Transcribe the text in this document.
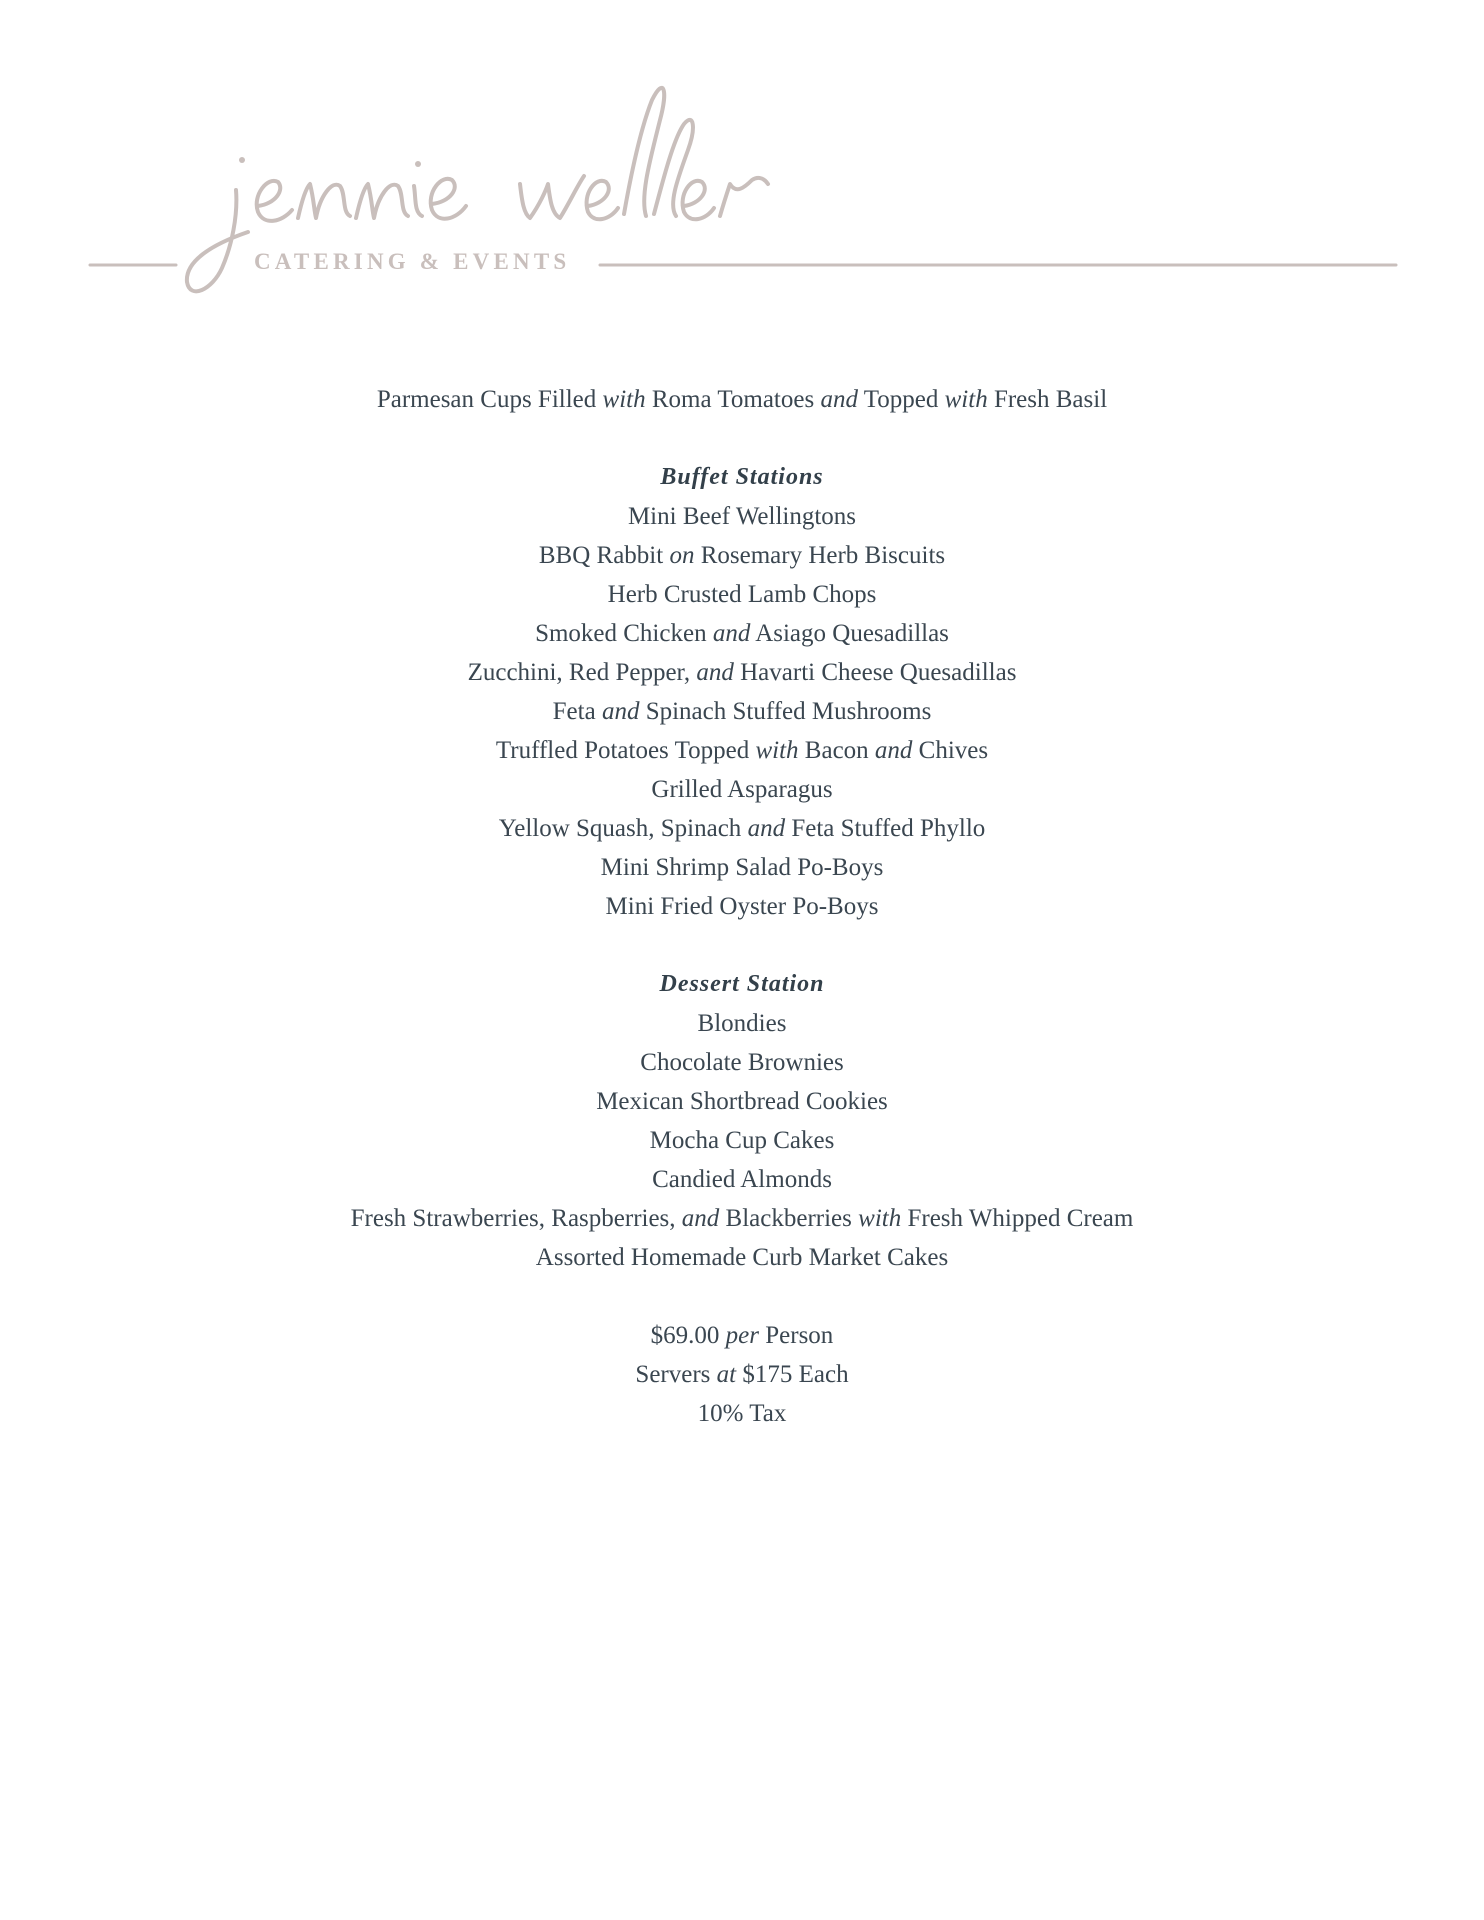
CATERING & EVENTS
Parmesan Cups Filled with Roma Tomatoes and Topped with Fresh Basil
Buffet Stations
Mini Beef Wellingtons
BBQ Rabbit on Rosemary Herb Biscuits
Herb Crusted Lamb Chops
Smoked Chicken and Asiago Quesadillas
Zucchini, Red Pepper, and Havarti Cheese Quesadillas
Feta and Spinach Stuffed Mushrooms
Truffled Potatoes Topped with Bacon and Chives
Grilled Asparagus
Yellow Squash, Spinach and Feta Stuffed Phyllo
Mini Shrimp Salad Po-Boys
Mini Fried Oyster Po-Boys
Dessert Station
Blondies
Chocolate Brownies
Mexican Shortbread Cookies
Mocha Cup Cakes
Candied Almonds
Fresh Strawberries, Raspberries, and Blackberries with Fresh Whipped Cream
Assorted Homemade Curb Market Cakes
$69.00 per Person
Servers at $175 Each
10% Tax
